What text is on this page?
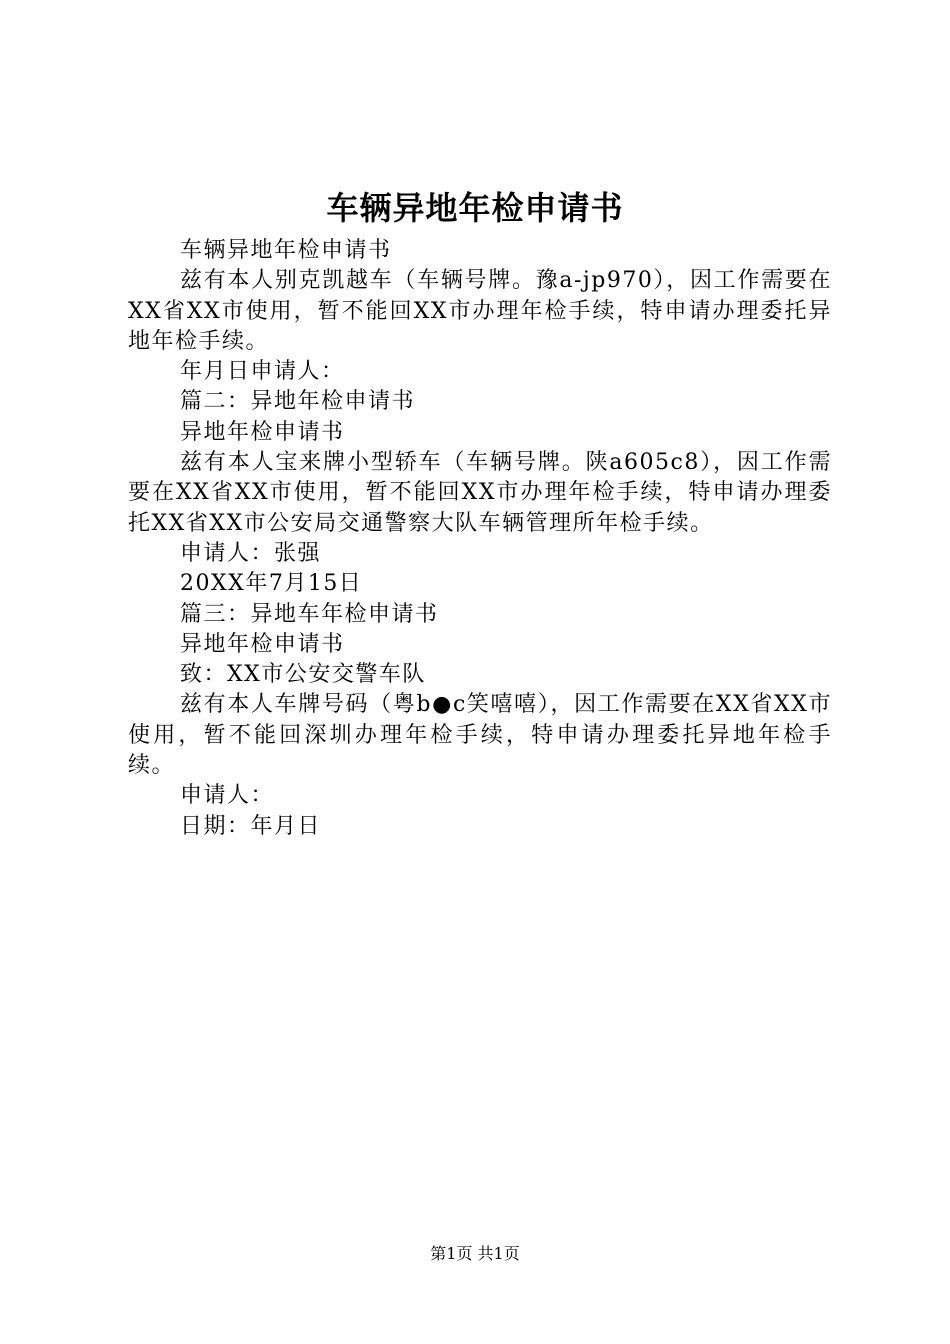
车辆异地年检申请书

车辆异地年检申请书

兹有本人别克凯越车（车辆号牌。豫a-jp970），因工作需要在XX省XX市使用，暂不能回XX市办理年检手续，特申请办理委托异地年检手续。

年月日申请人：

篇二：异地年检申请书

异地年检申请书

兹有本人宝来牌小型轿车（车辆号牌。陕a605c8），因工作需要在XX省XX市使用，暂不能回XX市办理年检手续，特申请办理委托XX省XX市公安局交通警察大队车辆管理所年检手续。

申请人：张强

20XX年7月15日

篇三：异地车年检申请书

异地年检申请书

致：XX市公安交警车队

兹有本人车牌号码（粤b●c笑嘻嘻），因工作需要在XX省XX市使用，暂不能回深圳办理年检手续，特申请办理委托异地年检手续。

申请人：

日期：年月日

第1页 共1页
